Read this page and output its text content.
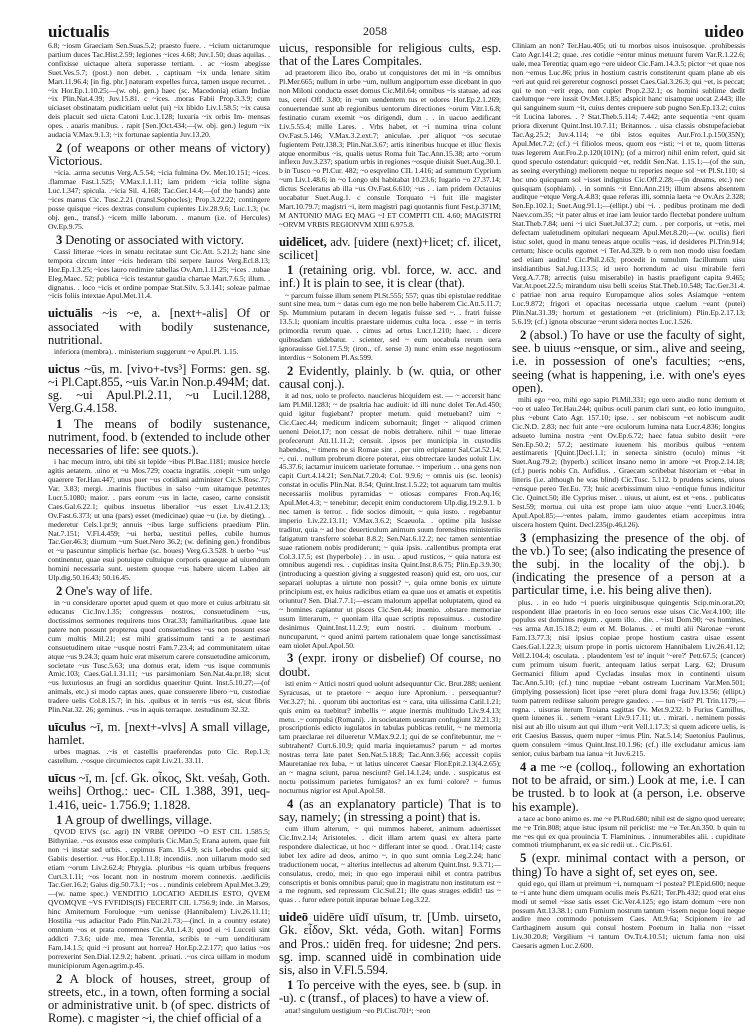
uictualis	2058	uideo

6.8; ~iosm Graeciam Sen.Suas.5.2; praesto fuere. . ~icium uictarumque partium duces Tac.Hist.2.59; legiones ~ices 4.68; Juv.1.50; duas aquilas. . confixisse uictaque altera superasse tertiam. . ac ~iosm abegisse Suet.Ves.5.7; (post.) non debet. . captiuam ~ix unda lenare sitim Mart.11.96.4; [in fig. phr.] naturam expelles furca, tamen usque recurret. . ~ix Hor.Ep.1.10.25;—(w. obj. gen.) haec (sc. Macedonia) etiam Indiae ~ix Plin.Nat.4.39; Juv.15.81. c ~ices. .moras Fabii Prop.3.3.9; cum uiciaset obstinatam pudicitiam uelut (ui) ~ix libido Liv.1.58.5; ~ix causa deis placuit sed uicta Catoni Luc.1.128; luxuria ~ix orbis Im- mensas opes. . auaris manibus. . rapit [Sen.]Oct.434;—(w. obj. gen.) legum ~ix audacia V.Max.9.1.3; ~ix fortunae sapientia Juv.13.20.

2 (of weapons or other means of victory) Victorious.

~icia. .arma secutus Verg.A.5.54; ~icia fulmina Ov. Met.10.151; ~ices. .flammae Fast.1.525; V.Max.1.1.11; iam pridem ~icia tollite signa Luc.1.347; spicula. .~icia Sil. 4.168; Tac.Ger.14.4;—(of the hands) ante ~ices manus Cic. Tusc.2.21 (transl.Sophocles); Prop.3.22.22; contingere posse quisque ~ices dextras consulum cupientes Liv.28.9.6; Luc.1.3; (w. obj. gen., transf.) ~icem mille laborum. . manum (i.e. of Hercules) Ov.Ep.9.75.

3 Denoting or associated with victory.

Cassi litterae ~ices in senatu recitatae sunt Cic.Att. 5.21.2; hanc sine tempora circum inter ~icis hederam tibi serpere lauros Verg.Ecl.8.13; Hor.Ep.1.3.25; ~ices lauro redimire tabellas Ov.Am.1.11.25; ~ices . .tubae Eleg.Maec. 52; publica ~icis testantur gaudia chartae Mart.7.6.5; illum. . dignatus. . loco ~icis et ordine pompae Stat.Silv. 5.3.141; soleae palmae ~icis foliis intextae Apul.Met.11.4.

uictuālis ~is ~e, a. [next+-alis] Of or associated with bodily sustenance, nutritional.

inferiora (membra). . ministerium suggerunt ~e Apul.Pl. 1.15.

uictus ~ūs, m. [vivo+-tvs³] Forms: gen. sg. ~i Pl.Capt.855, ~uis Var.in Non.p.494M; dat. sg. ~ui Apul.Pl.2.11, ~u Lucil.1288, Verg.G.4.158.

1 The means of bodily sustenance, nutriment, food. b (extended to include other necessaries of life: see quots.).

i hac mecum intro, ubi tibi sit lepide ~ibus Pl.Bac.1181; musice hercle agitis aetatem. .uino et ~u Mos.729; coacta ingratiis. .coepit ~um uolgo quaerere Ter.Hau.447; unus puer ~us cotidiani administer Cic.S.Rosc.77; Var. 3.83; mergi. .marinis fluctibus in salso ~um uitamque petentes Lucr.5.1080; maior. . pars eorum ~us in lacte, caseo, carne consistit Caes.Gal.6.22.1; quibus insuetus liberalior ~us esset Liv.41.2.13; Ov.Fast.6.373; ut una (pars) esset (medicinae) quae ~u (i.e. by dieting). . mederetur Cels.1.pr.9; annuis ~ibus large sufficiens praedium Plin. Nat.7.151; V.Fl.4.459; ~ui herba, uestitui pelles, cubile humus Tac.Ger.46.3; diurnum ~um Suet.Nero 36.2; (w. defining gen.) frondibus et ~u pascuntur simplicis herbae (sc. boues) Verg.G.3.528. b uerbo '~us' continentur, quae esui potuique cultuique corporis quaeque ad uiuendum homini necessaria sunt. uestem quoque ~us habere uicem Labeo ait Ulp.dig.50.16.43; 50.16.45.

2 One's way of life.

in ~u considerare oportet apud quem et quo more et cuius arbitratu sit educatus Cic.Inv.1.35; congressus nostros, consuetudinem ~us, doctissimos sermones requirens tuos Orat.33; familiaritatibus. .quae late patere non possunt propterea quod consuetudines ~us non possunt esse cum multis Mil.21; est mihi gratissimum tanti a te aestimari consuetudinem uitae ~usque nostri Fam.7.23.4; ad communitatem uitae atque ~us 9.24.3; quam huic erat miserum carere consuetudine amicorum, societate ~us Tusc.5.63; una domus erat, idem ~us isque communis Amic.103; Caes.Gal.1.31.11; ~us parsimoniam Sen.Nat.4a.pr.18; sicut ~us luxuriosus an frugi an sordidus quaeritur Quint. Inst.5.10.27;—(of animals, etc.) si modo captas aues, quae consuerere libero ~u, custodiae tradere uelis Col.8.15.7; in his. .quibus et in terris ~us est, sicut fibris Plin.Nat.32. 26; geminus. .~us in aquis terraque. .testudinum 32.32.

uīculus ~ī, m. [next+-vlvs] A small village, hamlet.

urbes magnas. .~is et castellis praeferendas puto Cic. Rep.1.3; castellum. .~osque circumiectos capit Liv.21. 33.11.

uīcus ~ī, m. [cf. Gk. οἶκος, Skt. veśaḥ, Goth. weihs] Orthog.: uec- CIL 1.388, 391, ueq- 1.416, ueic- 1.756.9; 1.1828.

1 A group of dwellings, village.

QVOD EIVS (sc. agri) IN VRBE OPPIDO ~O EST CIL 1.585.5; Bithyniae. .~os exustos esse compluris Cic.Man.5; Erana autem, quae fuit non ~i instar sed urbis. . cepimus Fam. 15.4.9; scis Lebedus quid sit; Gabiis desertior. .~us Hor.Ep.1.11.8; incendiis. .non uillarum modo sed etiam ~orum Liv.2.62.4; Phrygia. .pluribus ~is quam urbibus frequens Curt.3.1.11; ~os locant non in nostrum morem connexis. .aedificiis Tac.Ger.16.2; Gaius dig.50.73.1; ~os . . nundinis celebrem Apul.Met.3.29;—(w. name spec.) VENDITIO LOCATIO AEDILIS ESTO, QVEM QVOMQVE ~VS FVFIDIS(IS) FECERIT CIL 1.756.9; inde. .in Marsos, hinc Amiternum Foruloque ~um uenisse (Hannibalem) Liv.26.11.11; Hostilia ~us adiacitur Pado Plin.Nat.21.73;—(incl. in a country estate) omnium ~os et prata contemnes Cic.Att.1.4.3; quod ei ~i Lucceii sint addicti 7.3.6; uide me, mea Terentia, scribis te ~um uenditiuram Fam.14.1.5; quid ~i prosunt aut horrea? Hor.Ep.2.2.177; quo latius ~os porrexerint Sen.Dial.12.9.2; habent. .priuati. .~os circa uillam in modum municipiorum Agen.agrim.p.45.

2 A block of houses, street, group of streets, etc., in a town, often forming a social or administrative unit. b (of spec. districts of Rome). c magister ~i, the chief official of a

uicus, responsible for religious cults, esp. that of the Lares Compitales.

ad praetorem ilico ibo, orabo ut conquistores det mi in ~is omnibus Pl.Mer.665; nullum in urbe ~um, nullum angiportum esse dicebant in quo non Miloni conducta esset domus Cic.Mil.64; omnibus ~is statuae, ad eas tus, cerei Off. 3.80; in ~um uendentem tus et odores Hor.Ep.2.1.269; conuertendae sunt ab regionibus uentorum directiones ~orum Vitr.1.6.8; festinatio curam exemit ~os dirigendi, dum . . in uacuo aedificant Liv.5.55.4; mille Lares. . Vrbs habet, et ~i numina trina colunt Ov.Fast.5.146; V.Max.3.2.ext.7; aniculae. .per aliquot ~os secutae fugientem Petr.138.3; Plin.Nat.3.67; artis itineribus hucque et illuc flexis atque enormibus ~is, qualis uetus Roma fuit Tac.Ann.15.38; arto ~orum inflexu Juv.3.237; spatium urbis in regiones ~osque diuisit Suet.Aug.30.1. b in Tusco ~o Pl.Cur. 482; ~o esqvelino CIL 1.416; ad summum Cyprium ~um Liv.1.48.6; in ~o Longo ubi habitabat 10.23.6; Iugario ~o 27.37.14; dictus Sceleratus ab illa ~us Ov.Fast.6.610; ~us . . iam pridem Octauius uocabatur Suet.Aug.1. c consule Torquato ~i fuit ille magister Mart.10.79.7; magistri ~i, item magistri pagi quotannis fiunt Fest.p.371M; M ANTONIO MAG EQ MAG ~I ET COMPITI CIL 4.60; MAGISTRI ~ORVM VRBIS REGIONVM XIIII 6.975.8.

uidēlicet, adv. [uidere (next)+licet; cf. ilicet, scilicet]

1 (retaining orig. vbl. force, w. acc. and inf.) It is plain to see, it is clear (that).

~ parcum fuisse illum senem Pl.St.555; 557; quas tibi epistulae redditae sunt sine mea, tum ~ datas cum ego me non belle haberem Cic.Att.5.11.7; Sp. Mummium putaram in decem legatis fuisse sed ~. . fratri fuisse 13.5.1; quoniam incultis praestare uidemus culta loca. . esse ~ in terris primordia rerum quae. . cimus ad ortus Lucr.1.210; haec. . dicere quibusdam uidebatur. . scienter, sed ~ eum uocabula rerum uera ignorauisse Gel.17.5.9; (iron., cf. sense 3) nunc enim esse negotiosum interdius ~ Solonem Pl.As.599.

2 Evidently, plainly. b (w. quia, or other causal conj.).

it ad nos, uolo te profecto. nauclerus hicquidem est. — ~ accersit hanc iam Pl.Mil.1283; ~ de psaltria hac audiuit: id illi nunc dolet Ter.Ad.450; quid igitur fugiebant? propter metum. quid metuebant? uim ~ Cic.Caec.44; medicum indicem subornauit; finget ~ aliquod crimen ueneni Deiot.17; non cessat de nobis detrahere. nihil ~ tuae litterae profecerunt Att.11.11.2; censuit. .ipsos per municipia in custodiis habendos, ~ timens ne si Romae sint . .per uim eripiantur Sal.Cat.52.14; ~, cui. . nullum probrum dicere poterat, eius obtrectare laudes uoluit Liv. 45.37.6; iactamur inuicem uarietate fortunae. ~ imperium . . una gens non capit Curt.4.14.21; Sen.Nat.7.20.4; Col. 9.9.6; ~ omnis uis (sc. leonis) constat in oculis Plin.Nat. 8.54; Quint.Inst.1.5.22; tot aquarum tam multis necessariis molibus pyramidas ~ otiosas compares Fron.Aq.16; Apul.Met.4.3; ~ tenebitur; decepit enim conductorem Ulp.dig.19.2.9.1. b nec tamen is terror. . fide socios dimouit, ~ quia iusto. . regebantur imperio Liv.22.13.11; V.Max.3.6.2; Scaeuola. . optime pila lusisse traditur, quia ~ ad hoc deuerticulum animum suum forensibus ministeriis fatigatum transferre solebat 8.8.2; Sen.Nat.6.12.2; nec tamen sententiae suae rationem nobis prodiderunt; ~ quia ipsis. .callentibus prompta erat Col.3.17.5; est (hyperbole) . . in usu. . apud rusticos, ~ quia natura est omnibus augendi res. . cupiditas insita Quint.Inst.8.6.75; Plin.Ep.3.9.30; (introducing a question giving a suggested reason) quid est, oro uos, cur separari uoluptas a uirtute non possit? ~, quia omne bonis ex uirtute principium est, ex huius radicibus etiam ea quae uos et amatis et expetitis oriuntur? Sen. Dial.7.7.1;—escam malorum appellat uoluptatem, quod ea ~ homines capiantur ut pisces Cic.Sen.44; inuenio. .obstare memoriae usum litterarum, ~ quoniam illa quae scriptis reposuimus. . custodire desinimus Quint.Inst.11.2.9; eum nostri. . diuinum morbum. . nuncuparunt, ~ quod animi partem rationalem quae longe sanctissimast eam uiolet Apul.Apol.50.

3 (expr. irony or disbelief) Of course, no doubt.

isti enim ~ Attici nostri quod uolunt adsequuntur Cic. Brut.288; uenient Syracusas, ut te praetore ~ aequo iure Apronium. . persequantur? Ver.3.27; hi. . quorum tibi auctoritas est ~ cara, uita uilissima Catil.1.21; quis enim ea tuebitur? imbellis ~ atque inermis multitudo Liv.9.4.13; metu. .~ compulsi (Romani). . in societatem uestram confugiunt 32.21.31; proscriptionis edicto iugulatos in tabulas publicas retulit, ~ ne memoria tam praeclarae rei dilueretur V.Max.9.2.1; qui de se confitebuntur, me ~ subtrahent? Curt.6.10.9; quid maria inquietamus? parum ~ ad mortes nostras terra late patet Sen.Nat.5.18.8; Tac.Ann.3.66; accessit copiis Mauretaniae rex Iuba, ~ ut latius uinceret Caesar Flor.Epit.2.13(4.2.65); an ~ magna sciunt, parua nesciunt? Gel.14.1.24; unde. . suspicatus est noctu potissimum parietes fumigatos? an ex fumi colore? ~ fumus nocturnus nigrior est Apul.Apol.58.

4 (as an explanatory particle) That is to say, namely; (in stressing a point) that is.

cum illum alterum, ~ qui nummos haberet, animum aduertisset Cic.Inv.2.14; Aristoteles. . dicit illam artem quasi ex altera parte respondere dialecticae, ut hoc ~ differant inter se quod. . Orat.114; caste iubet lex adire ad deos, animo ~, in quo sunt omnia Leg.2.24; hanc traductionem uocat, ~ alterius intellectus ad alterum Quint.Inst. 9.3.71;—consulatus, credo, mei; in quo ego imperaui nihil et contra patribus conscriptis et bonis omnibus parui; quo in magistratu non institutum est ~ a me regnum, sed repressum Cic.Sul.21; ille quas strages edidit! tas ~ quas . . furor edere potuit inpurae beluae Leg.3.22.

uideō uidēre uīdī uīsum, tr. [Umb. uirseto, Gk. εἶδον, Skt. véda, Goth. witan] Forms and Pros.: uidēn freq. for uidesne; 2nd pers. sg. imp. scanned uidě in combination uide sis, also in V.Fl.5.594.

1 To perceive with the eyes, see. b (sup. in -u). c (transf., of places) to have a view of.

attat! singulum uestigium ~eo Pl.Cist.701ᵃ; ~eon

Cliniam an non? Ter.Hau.405; uti tu morbos uisos inuisosque. .prohibessis Cato Agr.141.2; quae. .res cotidie ~entur minus metuunt furem Var.R.1.22.6; uale, mea Terentia; quam ego ~ere uideor Cic.Fam.14.3.5; pictor ~et quae nos non ~emus Luc.86; prius in hostium castris constiterunt quam plane ab eis ~eri aut quid rei gereretur cognosci posset Caes.Gal.3.26.3; qui ~et, is peccat; qui te non ~erit ergo, non cupiet Prop.2.32.1; os homini sublime dedit caelumque ~ere iussit Ov.Met.1.85; adspicit hanc uisamque uocat 2.443; ille qui sanguinem suum ~it, cuius dentes crepuere sub pugno Sen.Ep.13.2; cuius ~it Lucina labores. . ? Stat.Theb.5.114; 7.442; ante sequentia ~ent quam priora dixerunt Quint.Inst.10.7.11; Britannos. . uisa classis obstupefaciebat Tac.Ag.25.2; Juv.4.114; ~e tibi istos equites Aur.Fro.1.p.150(35N); Apul.Met.7.2; (cf.) ~i filiolos meos, quom eos ~isti; ~i et te, quom litteras tuas legerem Aur.Fro.2.p.120(101N); (of a mirror) nihil enim refert, quid sit quod speculo ostendatur: quicquid ~et, reddit Sen.Nat. 1.15.1;—(of the sun, as seeing everything) meliorem neque tu reperies neque sol ~et Pl.St.110; si hoc uno quicquam sol ~isset indignius Cic.Off.2.28;—(in dreams, etc.) nec quisquam (sophiam). . in somnis ~it Enn.Ann.219; illum absens absentem auditque ~etque Verg.A.4.83; quae referas illi, somnia laeta ~e Ov.Ars 2.328; Sen.Ep.102.1; Suet.Aug.91.1;—(ellipt.) ubi ~i. . pedibus protinam me dedi Naev.com.35; ~it pater altus et irae iam leuior tardo flectebat pondere uultum Stat.Theb.7.84; ueni ~i uici Suet.Jul.37.2; cum. . per corporis, ut ~etis, mei defectam ualetudinem opitulari nequeam Apul.Met.8.20;—(w. oculis) fieri istuc solet, quod in manu teneas atque oculis ~eas, id desideres Pl.Trin.914; certum; hisce oculis egomet ~i Ter.Ad.329. b o rem non modo uisu foedam sed etiam auditu! Cic.Phil.2.63; procedit in tumulum facillumum uisu insidiantibus Sal.Jug.113.5; id uero horrendum ac uisu mirabile ferri Verg.A.7.78; arrectis (uisu miserabile) in hastis praefigunt capita 9.465; Var.At.poet.22.5; mirandum uisu belli sceius Stat.Theb.10.548; Tac.Ger.31.4. c patriae non arua requiro Europamque alios soles Asiamque ~entem Luc.9.872; frigori et opacitas necessaria utque caelum ~eant (putei) Plin.Nat.31.39; hortum et gestationem ~et (triclinium) Plin.Ep.2.17.13; 5.6.19; (cf.) ignota obscurae ~erunt sidera noctes Luc.1.526.

2 (absol.) To have or use the faculty of sight, see. b uiuus ~ensque, or sim., alive and seeing, i.e. in possession of one's faculties; ~ens, seeing (what is happening, i.e. with one's eyes open).

mihi ego ~eo, mihi ego sapio Pl.Mil.331; ego uero audio nunc demum et ~eo et ualeo Ter.Hau.244; quibus oculi parum clari sunt, eo lotio inunguito, plus ~ebunt Cato Agr. 157.10; ipse. . ser nobiscum ~et nobiscum audit Cic.N.D. 2.83; nec fuit ante ~ere oculorum lumina nata Lucr.4.836; longius adsueto lumina nostra ~ent Ov.Ep.6.72; haec fatua subito desiit ~ere Sen.Ep.50.2; 57.2; aestimate iuuenem his moribus quibus ~entem aestimaretis [Quint.]Decl.1.1; in senecta sinistro (oculo) minus ~it Suet.Aug.79.2; (hyperb.) scilicet insano nemo in amore ~et Prop.2.14.18; (cf.) pueris nobis Cn. Aufidius. . Graecam scribebat historiam et ~ebat in litteris (i.e. although he was blind) Cic.Tusc. 5.112. b prudens sciens, uiuos ~ensque pereo Ter.Eu. 73; huic acerbissimum uiuo ~entique funus indicitur Cic. Quinct.50; ille Cyprius miser. . uiuus, ut aiunt, est et ~ens. . publicatus Sest.59; mortua cui uita est prope iam uiuo atque ~enti Lucr.3.1046; Apul.Apol.85;—~entes palam, immo gaudentes etiam accepimus intra uiscera hostem Quint. Decl.235(p.46,l.26).

3 (emphasizing the presence of the obj. of the vb.) To see; (also indicating the presence of the subj. in the locality of the obj.). b (indicating the presence of a person at a particular time, i.e. his being alive then).

plus. . in eo ludo ~i pueris uirginibusque quingentis Scip.min.orat.20; respondent illae praetoris in eo loco seruos esse uisos Cic.Ver.4.100; ille populus est dominus regum. . quem illo. . die. . ~isti Dom.90; ~es homines, ~es arma Att.15.18.2; eum et M. Bolanus. . et multi alii Naronae ~erunt Fam.13.77.3; nisi ipsius copiae prope hostium castra uisae essent Caes.Gal.1.22.3; uisum prope in portis uictorem Hannibalem Liv.26.41.12; Vell.2.104.4; osculata. . plaudentem 'est te' inquit '~ere?' Petr.67.5; (cancer) cum primum uisum fuerit, antequam latius serpat Larg. 62; Drusum Germanici filium apud Cycladas insulas mox in continenti uisum Tac.Ann.5.10; (cf.) tunc nuptiae ~ebant ostream Lucrinam Var.Men.501; (implying possession) licet ipse ~eret plura domi fraga Juv.13.56; (ellipt.) tuom patrem rediisse saluom peregre gaudeo. . — tun ~isti? Pl. Trin.1179;—regna. . uisuras iterum Troiana sagittas Ov. Met.9.232. b Furius Camillus, quem iuuenes ii. . senem ~erant Liv.9.17.11; ut. . mirari. . neminem possis nisi aut ab illo uisum aut qui illum ~erit Vell.1.17.3; si quem adicere uelis, is erit Caesius Bassus, quem nuper ~imus Plin. Nat.5.14; Suetonius Paulinus, quem consulem ~imus Quint.Inst.10.1.96; (cf.) ille excludatur amicus iam senior, cuius barbam tua ianua ~it Juv.6.215.

4 a me ~e (colloq., following an exhortation not to be afraid, or sim.) Look at me, i.e. I can be trusted. b to look at (a person, i.e. observe his example).

a tace ac bono animo es. me ~e Pl.Rud.680; nihil est de signo quod uereare; me ~e Trin.808; atque istuc ipsum nil periclist: me ~e Ter.An.350. b quin tu me ~es qui ex qua prouincia T. Flamininus. . innumerabiles alii. . cupiditate commoti triumpharunt, ex ea sic redii ut. . Cic.Pis.61.

5 (expr. minimal contact with a person, or thing) To have a sight of, set eyes on, see.

quid ego, qui illam ut preimum ~i, numquam ~i postea? Pl.Epid.600; neque te ~i ante hunc diem umquam oculis meis Ps.621; Ter.Ph.432; quod erat eius modi ut semel ~isse satis esset Cic.Ver.4.125; ego istam domum ~ere non possum Att.13.38.1; cum Furnium nostrum tantum ~issem neque loqui neque audire meo commodo potuissem Caes. Att.9.6a; Scipionem ire ad Carthaginem ausum qui consul hostem Poenum in Italia non ~isset Liv.30.20.8; Vergilium ~i tantum Ov.Tr.4.10.51; uictum fama non uisi Caesaris agmen Luc.2.600.
